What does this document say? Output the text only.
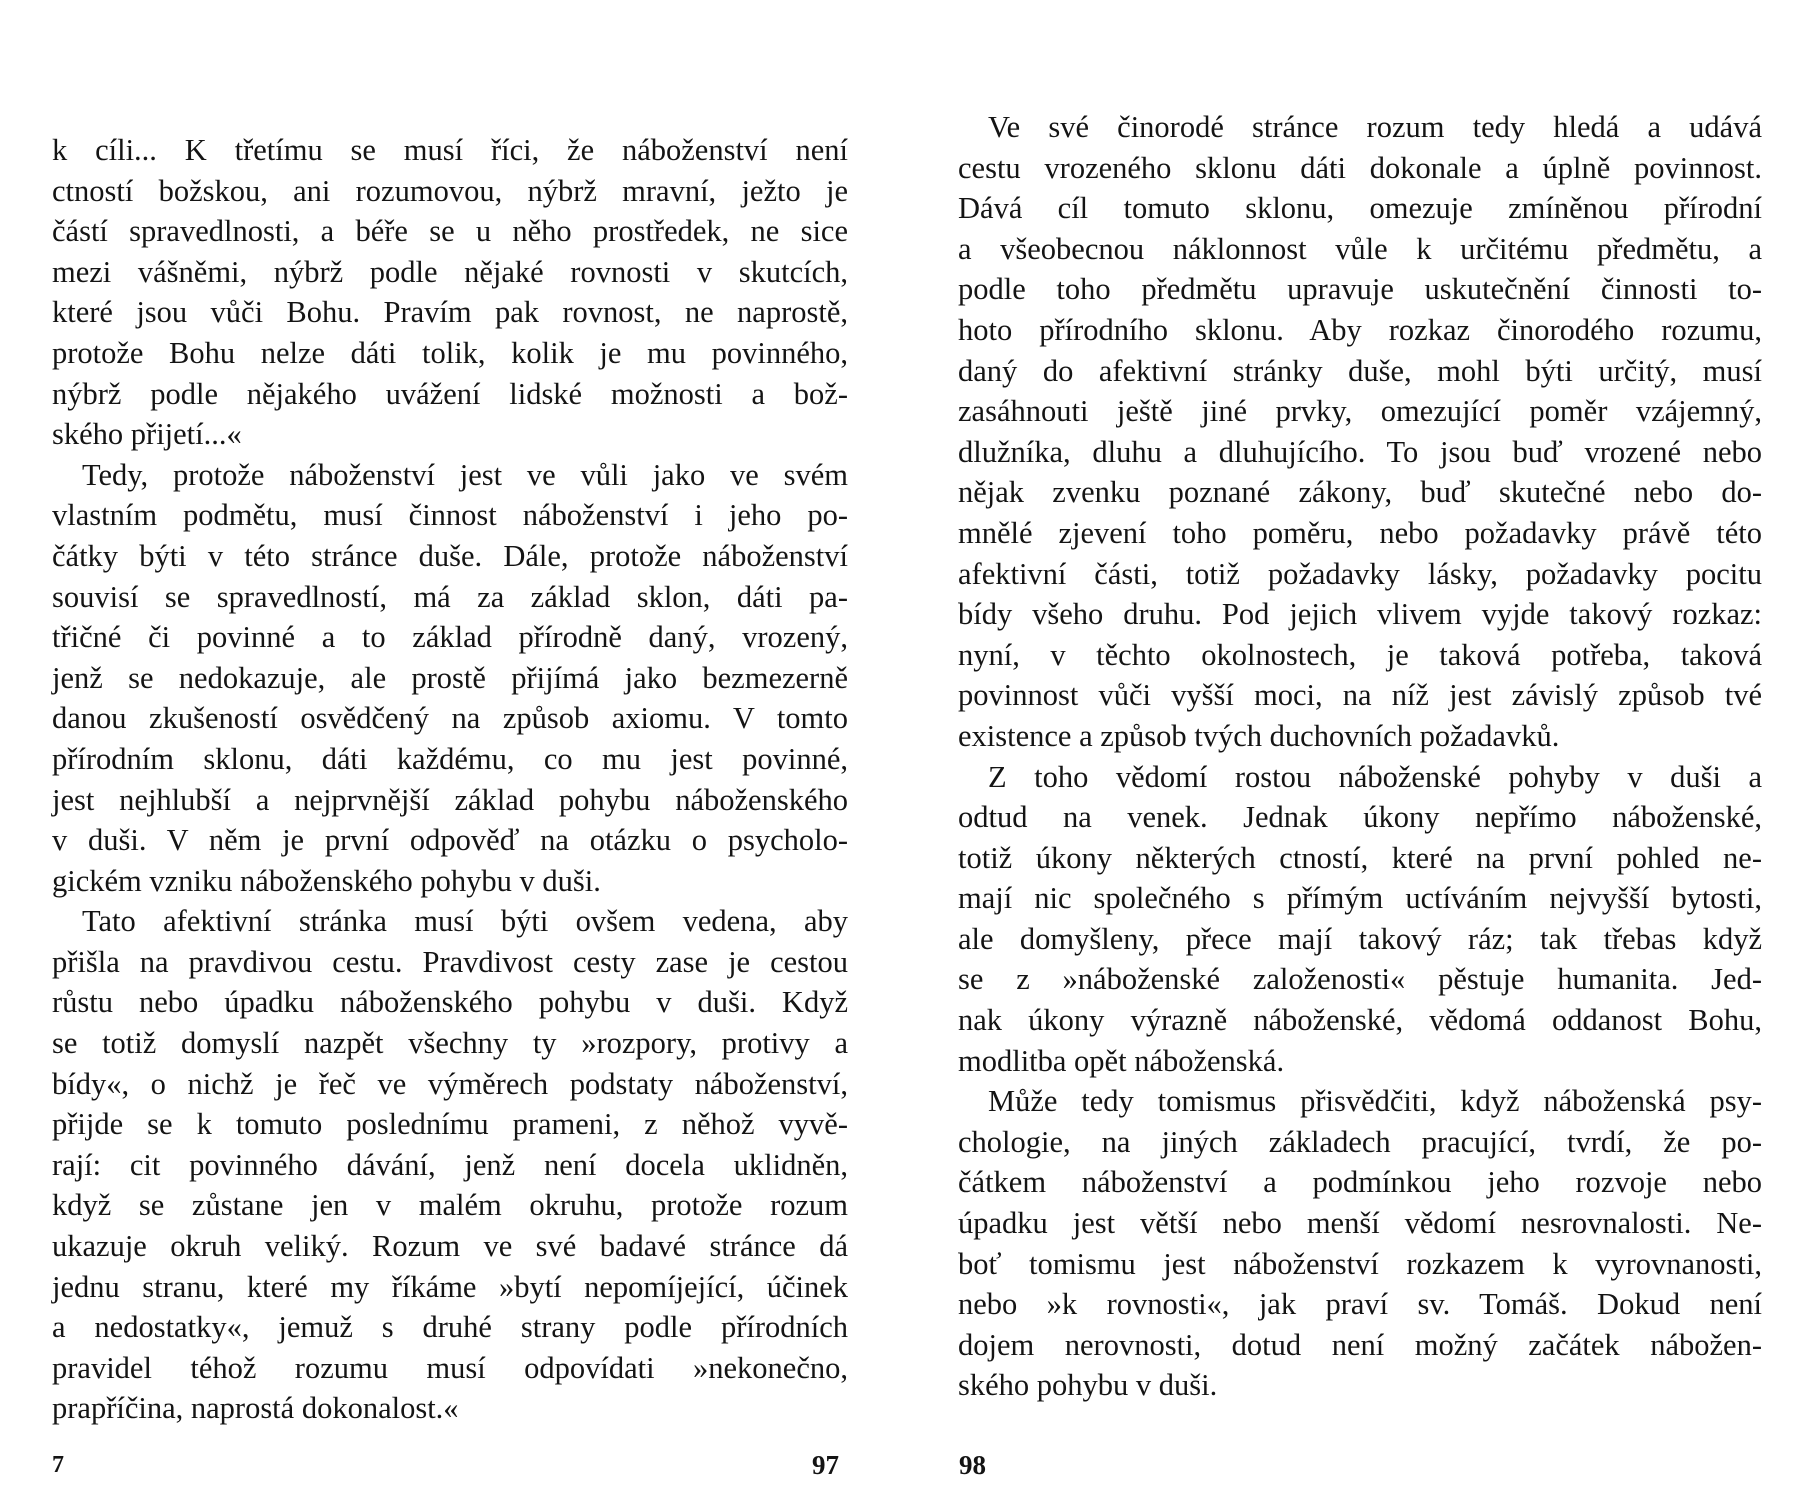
k cíli... K třetímu se musí říci, že náboženství není
ctností božskou, ani rozumovou, nýbrž mravní, ježto je
částí spravedlnosti, a béře se u něho prostředek, ne sice
mezi vášněmi, nýbrž podle nějaké rovnosti v skutcích,
které jsou vůči Bohu. Pravím pak rovnost, ne naprostě,
protože Bohu nelze dáti tolik, kolik je mu povinného,
nýbrž podle nějakého uvážení lidské možnosti a bož-
ského přijetí...«
Tedy, protože náboženství jest ve vůli jako ve svém
vlastním podmětu, musí činnost náboženství i jeho po-
čátky býti v této stránce duše. Dále, protože náboženství
souvisí se spravedlností, má za základ sklon, dáti pa-
třičné či povinné a to základ přírodně daný, vrozený,
jenž se nedokazuje, ale prostě přijímá jako bezmezerně
danou zkušeností osvědčený na způsob axiomu. V tomto
přírodním sklonu, dáti každému, co mu jest povinné,
jest nejhlubší a nejprvnější základ pohybu náboženského
v duši. V něm je první odpověď na otázku o psycholo-
gickém vzniku náboženského pohybu v duši.
Tato afektivní stránka musí býti ovšem vedena, aby
přišla na pravdivou cestu. Pravdivost cesty zase je cestou
růstu nebo úpadku náboženského pohybu v duši. Když
se totiž domyslí nazpět všechny ty »rozpory, protivy a
bídy«, o nichž je řeč ve výměrech podstaty náboženství,
přijde se k tomuto poslednímu prameni, z něhož vyvě-
rají: cit povinného dávání, jenž není docela uklidněn,
když se zůstane jen v malém okruhu, protože rozum
ukazuje okruh veliký. Rozum ve své badavé stránce dá
jednu stranu, které my říkáme »bytí nepomíjející, účinek
a nedostatky«, jemuž s druhé strany podle přírodních
pravidel téhož rozumu musí odpovídati »nekonečno,
prapříčina, naprostá dokonalost.«
Ve své činorodé stránce rozum tedy hledá a udává
cestu vrozeného sklonu dáti dokonale a úplně povinnost.
Dává cíl tomuto sklonu, omezuje zmíněnou přírodní
a všeobecnou náklonnost vůle k určitému předmětu, a
podle toho předmětu upravuje uskutečnění činnosti to-
hoto přírodního sklonu. Aby rozkaz činorodého rozumu,
daný do afektivní stránky duše, mohl býti určitý, musí
zasáhnouti ještě jiné prvky, omezující poměr vzájemný,
dlužníka, dluhu a dluhujícího. To jsou buď vrozené nebo
nějak zvenku poznané zákony, buď skutečné nebo do-
mnělé zjevení toho poměru, nebo požadavky právě této
afektivní části, totiž požadavky lásky, požadavky pocitu
bídy všeho druhu. Pod jejich vlivem vyjde takový rozkaz:
nyní, v těchto okolnostech, je taková potřeba, taková
povinnost vůči vyšší moci, na níž jest závislý způsob tvé
existence a způsob tvých duchovních požadavků.
Z toho vědomí rostou náboženské pohyby v duši a
odtud na venek. Jednak úkony nepřímo náboženské,
totiž úkony některých ctností, které na první pohled ne-
mají nic společného s přímým uctíváním nejvyšší bytosti,
ale domyšleny, přece mají takový ráz; tak třebas když
se z »náboženské založenosti« pěstuje humanita. Jed-
nak úkony výrazně náboženské, vědomá oddanost Bohu,
modlitba opět náboženská.
Může tedy tomismus přisvědčiti, když náboženská psy-
chologie, na jiných základech pracující, tvrdí, že po-
čátkem náboženství a podmínkou jeho rozvoje nebo
úpadku jest větší nebo menší vědomí nesrovnalosti. Ne-
boť tomismu jest náboženství rozkazem k vyrovnanosti,
nebo »k rovnosti«, jak praví sv. Tomáš. Dokud není
dojem nerovnosti, dotud není možný začátek nábožen-
ského pohybu v duši.
7	97	98
